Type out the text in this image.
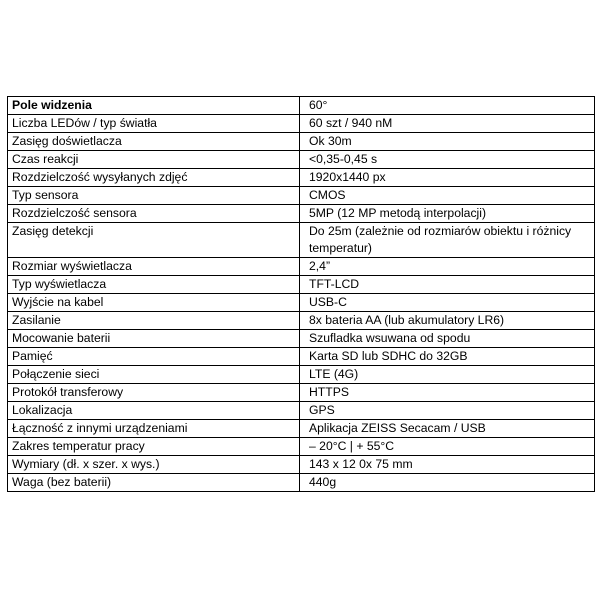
Pole widzenia	60°
Liczba LEDów / typ światła	60 szt / 940 nM
Zasięg doświetlacza	Ok 30m
Czas reakcji	<0,35-0,45 s
Rozdzielczość wysyłanych zdjęć	1920x1440 px
Typ sensora	CMOS
Rozdzielczość sensora	5MP (12 MP metodą interpolacji)
Zasięg detekcji	Do 25m (zależnie od rozmiarów obiektu i różnicy temperatur)
Rozmiar wyświetlacza	2,4”
Typ wyświetlacza	TFT-LCD
Wyjście na kabel	USB-C
Zasilanie	8x bateria AA (lub akumulatory LR6)
Mocowanie baterii	Szufladka wsuwana od spodu
Pamięć	Karta SD lub SDHC do 32GB
Połączenie sieci	LTE (4G)
Protokół transferowy	HTTPS
Lokalizacja	GPS
Łączność z innymi urządzeniami	Aplikacja ZEISS Secacam / USB
Zakres temperatur pracy	– 20°C | + 55°C
Wymiary (dł. x szer. x wys.)	143 x 12 0x 75 mm
Waga (bez baterii)	440g
